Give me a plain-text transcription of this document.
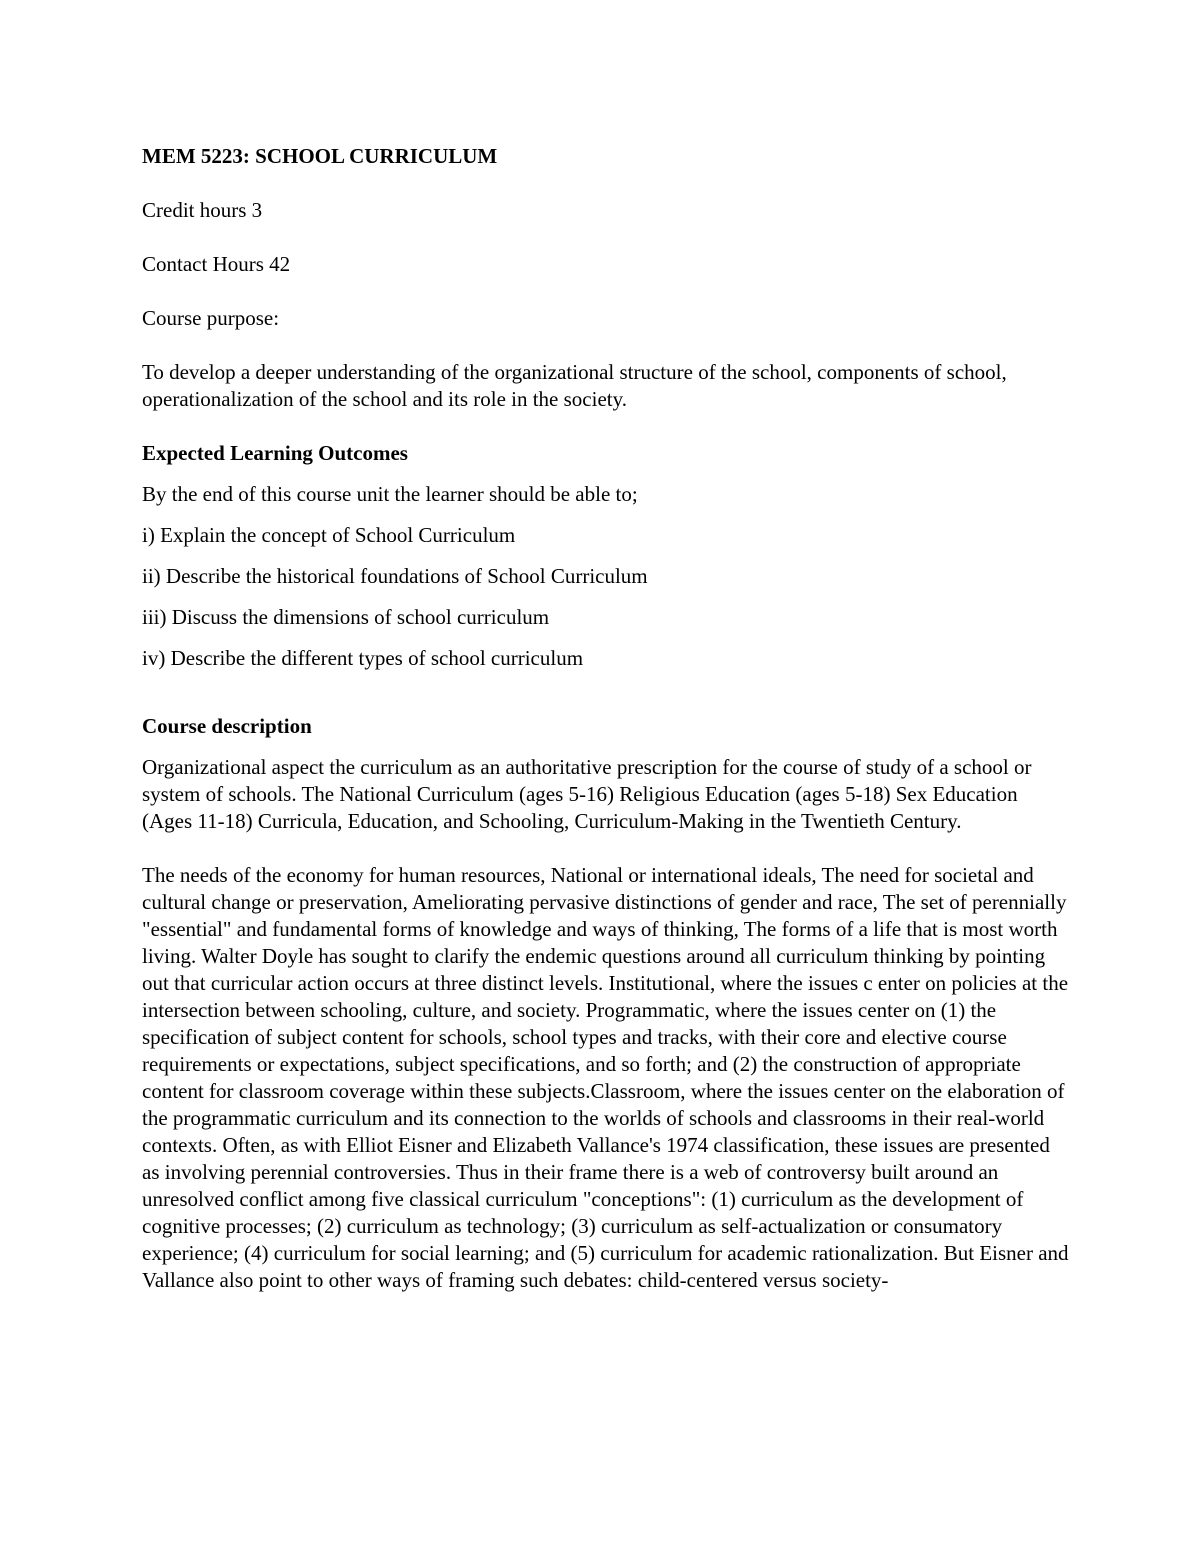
MEM 5223: SCHOOL CURRICULUM
Credit hours 3
Contact Hours 42
Course purpose:
To develop a deeper understanding of the organizational structure of the school, components of school, operationalization of the school and its role in the society.
Expected Learning Outcomes
By the end of this course unit the learner should be able to;
i) Explain the concept of School Curriculum
ii) Describe the historical foundations of School Curriculum
iii) Discuss the dimensions of school curriculum
iv) Describe the different types of school curriculum
Course description
Organizational aspect the curriculum as an authoritative prescription for the course of study of a school or system of schools. The National Curriculum (ages 5-16) Religious Education (ages 5-18) Sex Education (Ages 11-18) Curricula, Education, and Schooling, Curriculum-Making in the Twentieth Century.
The needs of the economy for human resources, National or international ideals, The need for societal and cultural change or preservation, Ameliorating pervasive distinctions of gender and race, The set of perennially "essential" and fundamental forms of knowledge and ways of thinking, The forms of a life that is most worth living. Walter Doyle has sought to clarify the endemic questions around all curriculum thinking by pointing out that curricular action occurs at three distinct levels. Institutional, where the issues c enter on policies at the intersection between schooling, culture, and society. Programmatic, where the issues center on (1) the specification of subject content for schools, school types and tracks, with their core and elective course requirements or expectations, subject specifications, and so forth; and (2) the construction of appropriate content for classroom coverage within these subjects.Classroom, where the issues center on the elaboration of the programmatic curriculum and its connection to the worlds of schools and classrooms in their real-world contexts. Often, as with Elliot Eisner and Elizabeth Vallance's 1974 classification, these issues are presented as involving perennial controversies. Thus in their frame there is a web of controversy built around an unresolved conflict among five classical curriculum "conceptions": (1) curriculum as the development of cognitive processes; (2) curriculum as technology; (3) curriculum as self-actualization or consumatory experience; (4) curriculum for social learning; and (5) curriculum for academic rationalization. But Eisner and Vallance also point to other ways of framing such debates: child-centered versus society-
